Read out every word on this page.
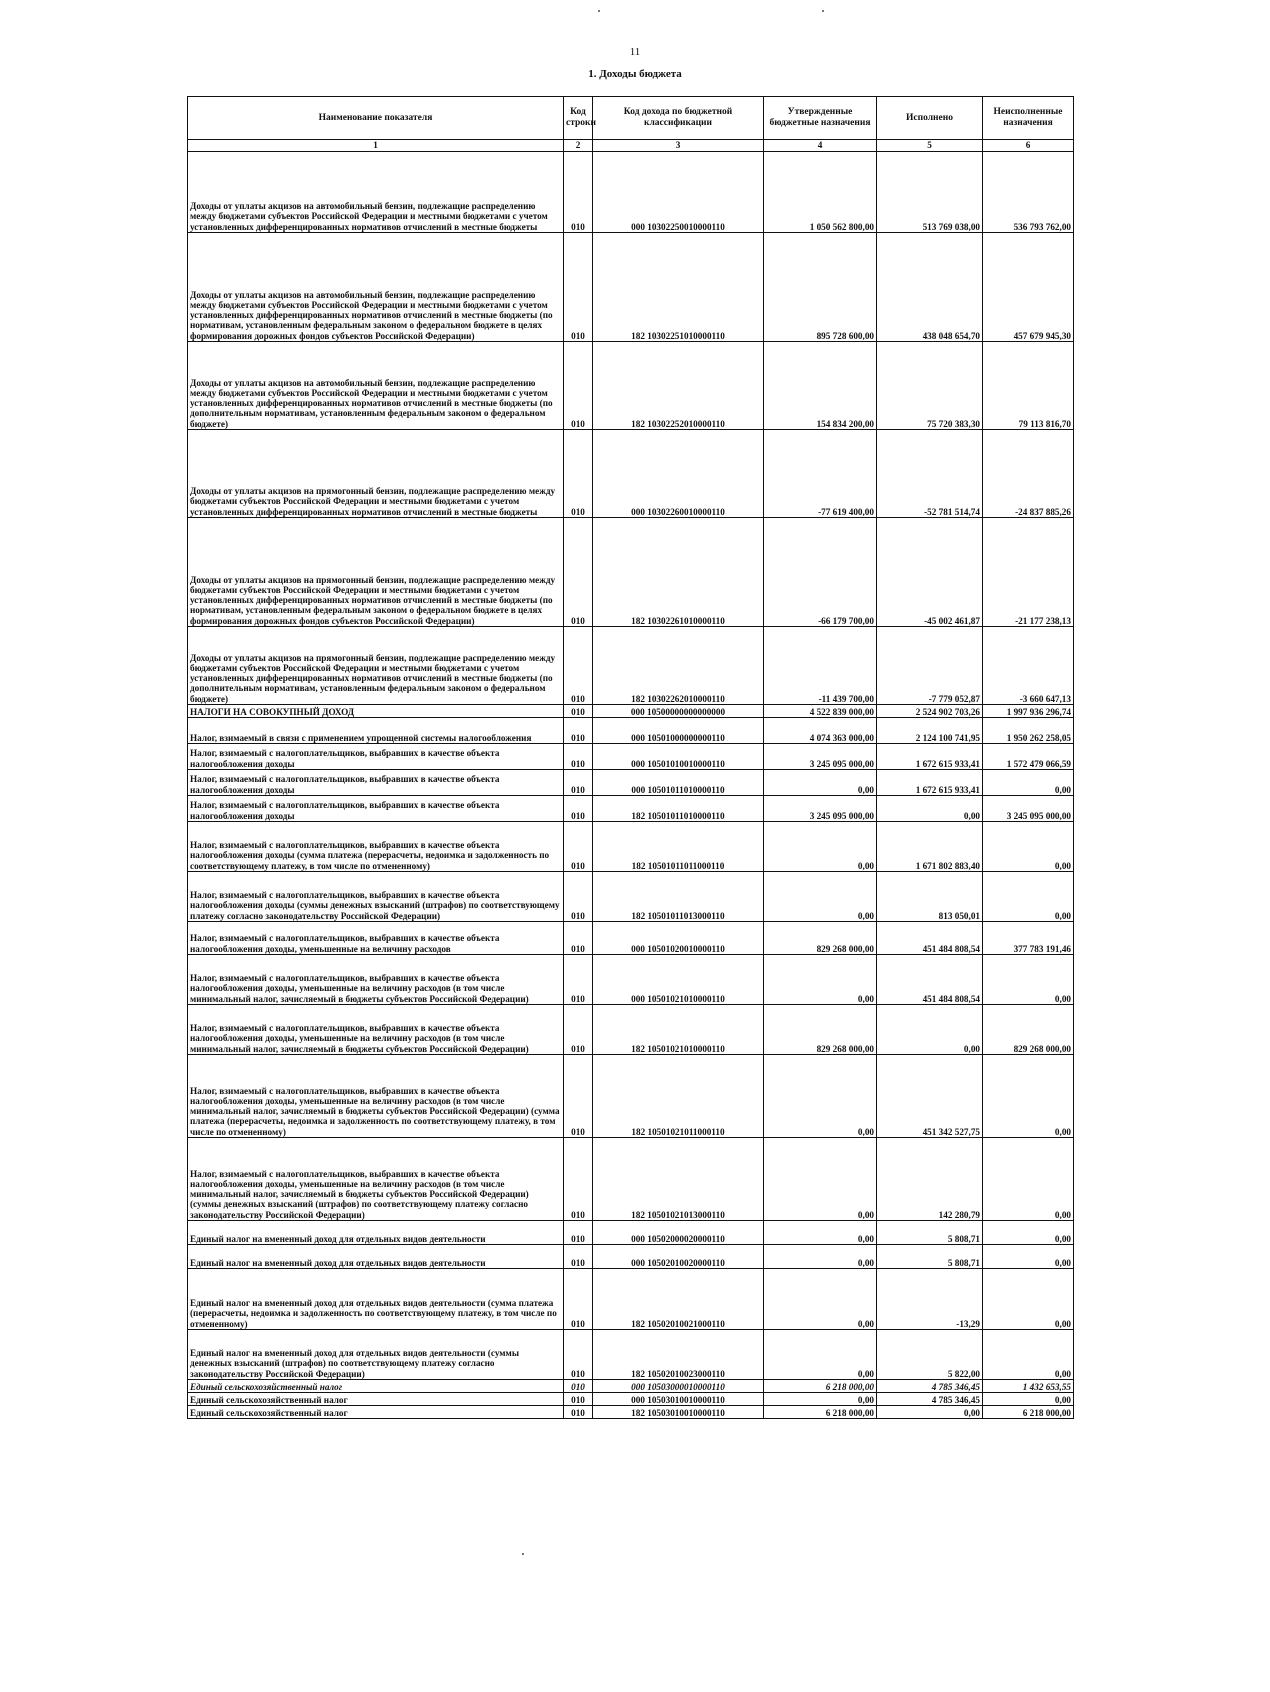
11
1. Доходы бюджета
Наименование показателя	Код строки	Код дохода по бюджетной классификации	Утвержденные бюджетные назначения	Исполнено	Неисполненные назначения
1	2	3	4	5	6
Доходы от уплаты акцизов на автомобильный бензин, подлежащие распределению между бюджетами субъектов Российской Федерации и местными бюджетами с учетом установленных дифференцированных нормативов отчислений в местные бюджеты	010	000 10302250010000110	1 050 562 800,00	513 769 038,00	536 793 762,00
Доходы от уплаты акцизов на автомобильный бензин, подлежащие распределению между бюджетами субъектов Российской Федерации и местными бюджетами с учетом установленных дифференцированных нормативов отчислений в местные бюджеты (по нормативам, установленным федеральным законом о федеральном бюджете в целях формирования дорожных фондов субъектов Российской Федерации)	010	182 10302251010000110	895 728 600,00	438 048 654,70	457 679 945,30
Доходы от уплаты акцизов на автомобильный бензин, подлежащие распределению между бюджетами субъектов Российской Федерации и местными бюджетами с учетом установленных дифференцированных нормативов отчислений в местные бюджеты (по дополнительным нормативам, установленным федеральным законом о федеральном бюджете)	010	182 10302252010000110	154 834 200,00	75 720 383,30	79 113 816,70
Доходы от уплаты акцизов на прямогонный бензин, подлежащие распределению между бюджетами субъектов Российской Федерации и местными бюджетами с учетом установленных дифференцированных нормативов отчислений в местные бюджеты	010	000 10302260010000110	-77 619 400,00	-52 781 514,74	-24 837 885,26
Доходы от уплаты акцизов на прямогонный бензин, подлежащие распределению между бюджетами субъектов Российской Федерации и местными бюджетами с учетом установленных дифференцированных нормативов отчислений в местные бюджеты (по нормативам, установленным федеральным законом о федеральном бюджете в целях формирования дорожных фондов субъектов Российской Федерации)	010	182 10302261010000110	-66 179 700,00	-45 002 461,87	-21 177 238,13
Доходы от уплаты акцизов на прямогонный бензин, подлежащие распределению между бюджетами субъектов Российской Федерации и местными бюджетами с учетом установленных дифференцированных нормативов отчислений в местные бюджеты (по дополнительным нормативам, установленным федеральным законом о федеральном бюджете)	010	182 10302262010000110	-11 439 700,00	-7 779 052,87	-3 660 647,13
НАЛОГИ НА СОВОКУПНЫЙ ДОХОД	010	000 10500000000000000	4 522 839 000,00	2 524 902 703,26	1 997 936 296,74
Налог, взимаемый в связи с применением упрощенной системы налогообложения	010	000 10501000000000110	4 074 363 000,00	2 124 100 741,95	1 950 262 258,05
Налог, взимаемый с налогоплательщиков, выбравших в качестве объекта налогообложения доходы	010	000 10501010010000110	3 245 095 000,00	1 672 615 933,41	1 572 479 066,59
Налог, взимаемый с налогоплательщиков, выбравших в качестве объекта налогообложения доходы	010	000 10501011010000110	0,00	1 672 615 933,41	0,00
Налог, взимаемый с налогоплательщиков, выбравших в качестве объекта налогообложения доходы	010	182 10501011010000110	3 245 095 000,00	0,00	3 245 095 000,00
Налог, взимаемый с налогоплательщиков, выбравших в качестве объекта налогообложения доходы (сумма платежа (перерасчеты, недоимка и задолженность по соответствующему платежу, в том числе по отмененному)	010	182 10501011011000110	0,00	1 671 802 883,40	0,00
Налог, взимаемый с налогоплательщиков, выбравших в качестве объекта налогообложения доходы (суммы денежных взысканий (штрафов) по соответствующему платежу согласно законодательству Российской Федерации)	010	182 10501011013000110	0,00	813 050,01	0,00
Налог, взимаемый с налогоплательщиков, выбравших в качестве объекта налогообложения доходы, уменьшенные на величину расходов	010	000 10501020010000110	829 268 000,00	451 484 808,54	377 783 191,46
Налог, взимаемый с налогоплательщиков, выбравших в качестве объекта налогообложения доходы, уменьшенные на величину расходов (в том числе минимальный налог, зачисляемый в бюджеты субъектов Российской Федерации)	010	000 10501021010000110	0,00	451 484 808,54	0,00
Налог, взимаемый с налогоплательщиков, выбравших в качестве объекта налогообложения доходы, уменьшенные на величину расходов (в том числе минимальный налог, зачисляемый в бюджеты субъектов Российской Федерации)	010	182 10501021010000110	829 268 000,00	0,00	829 268 000,00
Налог, взимаемый с налогоплательщиков, выбравших в качестве объекта налогообложения доходы, уменьшенные на величину расходов (в том числе минимальный налог, зачисляемый в бюджеты субъектов Российской Федерации) (сумма платежа (перерасчеты, недоимка и задолженность по соответствующему платежу, в том числе по отмененному)	010	182 10501021011000110	0,00	451 342 527,75	0,00
Налог, взимаемый с налогоплательщиков, выбравших в качестве объекта налогообложения доходы, уменьшенные на величину расходов (в том числе минимальный налог, зачисляемый в бюджеты субъектов Российской Федерации) (суммы денежных взысканий (штрафов) по соответствующему платежу согласно законодательству Российской Федерации)	010	182 10501021013000110	0,00	142 280,79	0,00
Единый налог на вмененный доход для отдельных видов деятельности	010	000 10502000020000110	0,00	5 808,71	0,00
Единый налог на вмененный доход для отдельных видов деятельности	010	000 10502010020000110	0,00	5 808,71	0,00
Единый налог на вмененный доход для отдельных видов деятельности (сумма платежа (перерасчеты, недоимка и задолженность по соответствующему платежу, в том числе по отмененному)	010	182 10502010021000110	0,00	-13,29	0,00
Единый налог на вмененный доход для отдельных видов деятельности (суммы денежных взысканий (штрафов) по соответствующему платежу согласно законодательству Российской Федерации)	010	182 10502010023000110	0,00	5 822,00	0,00
Единый сельскохозяйственный налог	010	000 10503000010000110	6 218 000,00	4 785 346,45	1 432 653,55
Единый сельскохозяйственный налог	010	000 10503010010000110	0,00	4 785 346,45	0,00
Единый сельскохозяйственный налог	010	182 10503010010000110	6 218 000,00	0,00	6 218 000,00
